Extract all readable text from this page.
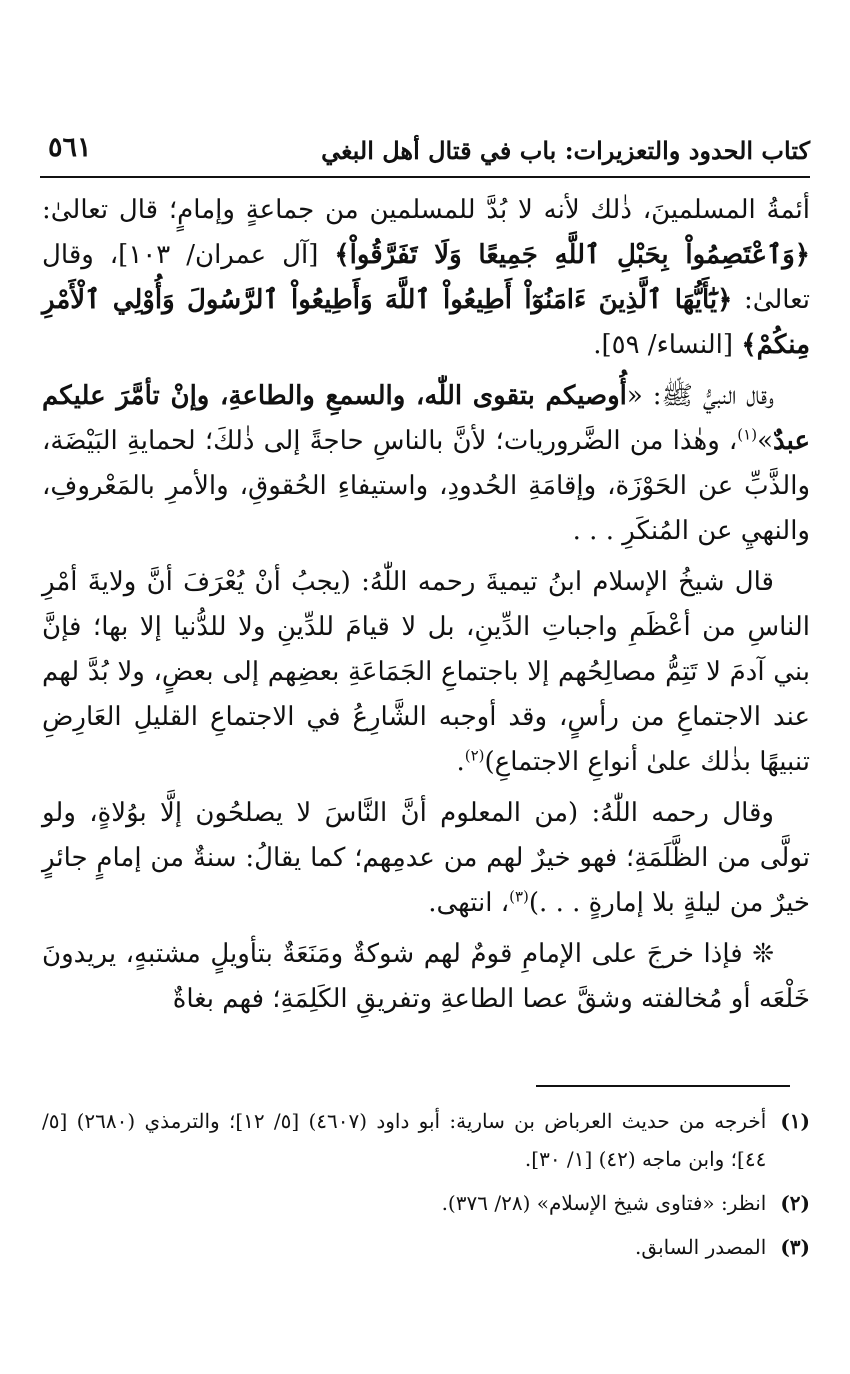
كتاب الحدود والتعزيرات: باب في قتال أهل البغي
٥٦١

أئمةُ المسلمينَ، ذٰلك لأنه لا بُدَّ للمسلمين من جماعةٍ وإمامٍ؛ قال تعالىٰ: ﴿وَٱعْتَصِمُواْ بِحَبْلِ ٱللَّهِ جَمِيعًا وَلَا تَفَرَّقُواْ﴾ [آل عمران/ ١٠٣]، وقال تعالىٰ: ﴿يَٰٓأَيُّهَا ٱلَّذِينَ ءَامَنُوٓاْ أَطِيعُواْ ٱللَّهَ وَأَطِيعُواْ ٱلرَّسُولَ وَأُوْلِي ٱلْأَمْرِ مِنكُمْ﴾ [النساء/ ٥٩].

وقال النبيُّ ﷺ: «أُوصيكم بتقوى اللّٰه، والسمعِ والطاعةِ، وإنْ تأمَّرَ عليكم عبدٌ»$^{(١)}$، وهٰذا من الضَّروريات؛ لأنَّ بالناسِ حاجةً إلى ذٰلكَ؛ لحمايةِ البَيْضَة، والذَّبِّ عن الحَوْزَة، وإقامَةِ الحُدودِ، واستيفاءِ الحُقوقِ، والأمرِ بالمَعْروفِ، والنهيِ عن المُنكَرِ . . .

قال شيخُ الإسلام ابنُ تيميةَ رحمه اللّٰهُ: (يجبُ أنْ يُعْرَفَ أنَّ ولايةَ أمْرِ الناسِ من أعْظَمِ واجباتِ الدِّينِ، بل لا قيامَ للدِّينِ ولا للدُّنيا إلا بها؛ فإنَّ بني آدمَ لا تَتِمُّ مصالِحُهم إلا باجتماعِ الجَمَاعَةِ بعضِهم إلى بعضٍ، ولا بُدَّ لهم عند الاجتماعِ من رأسٍ، وقد أوجبه الشَّارِعُ في الاجتماعِ القليلِ العَارِضِ تنبيهًا بذٰلك علىٰ أنواعِ الاجتماعِ)$^{(٢)}$.

وقال رحمه اللّٰهُ: (من المعلوم أنَّ النَّاسَ لا يصلحُون إلَّا بوُلاةٍ، ولو تولَّى من الظَّلَمَةِ؛ فهو خيرٌ لهم من عدمِهم؛ كما يقالُ: سنةٌ من إمامٍ جائرٍ خيرٌ من ليلةٍ بلا إمارةٍ . . .)$^{(٣)}$، انتهى.

❊ فإذا خرجَ على الإمامِ قومٌ لهم شوكةٌ ومَنَعَةٌ بتأويلٍ مشتبهٍ، يريدونَ خَلْعَه أو مُخالفته وشقَّ عصا الطاعةِ وتفريقِ الكَلِمَةِ؛ فهم بغاةٌ

(١)
أخرجه من حديث العرباض بن سارية: أبو داود (٤٦٠٧) [٥/ ١٢]؛ والترمذي (٢٦٨٠) [٥/ ٤٤]؛ وابن ماجه (٤٢) [١/ ٣٠].
(٢)
انظر: «فتاوى شيخ الإسلام» (٢٨/ ٣٧٦).
(٣)
المصدر السابق.
